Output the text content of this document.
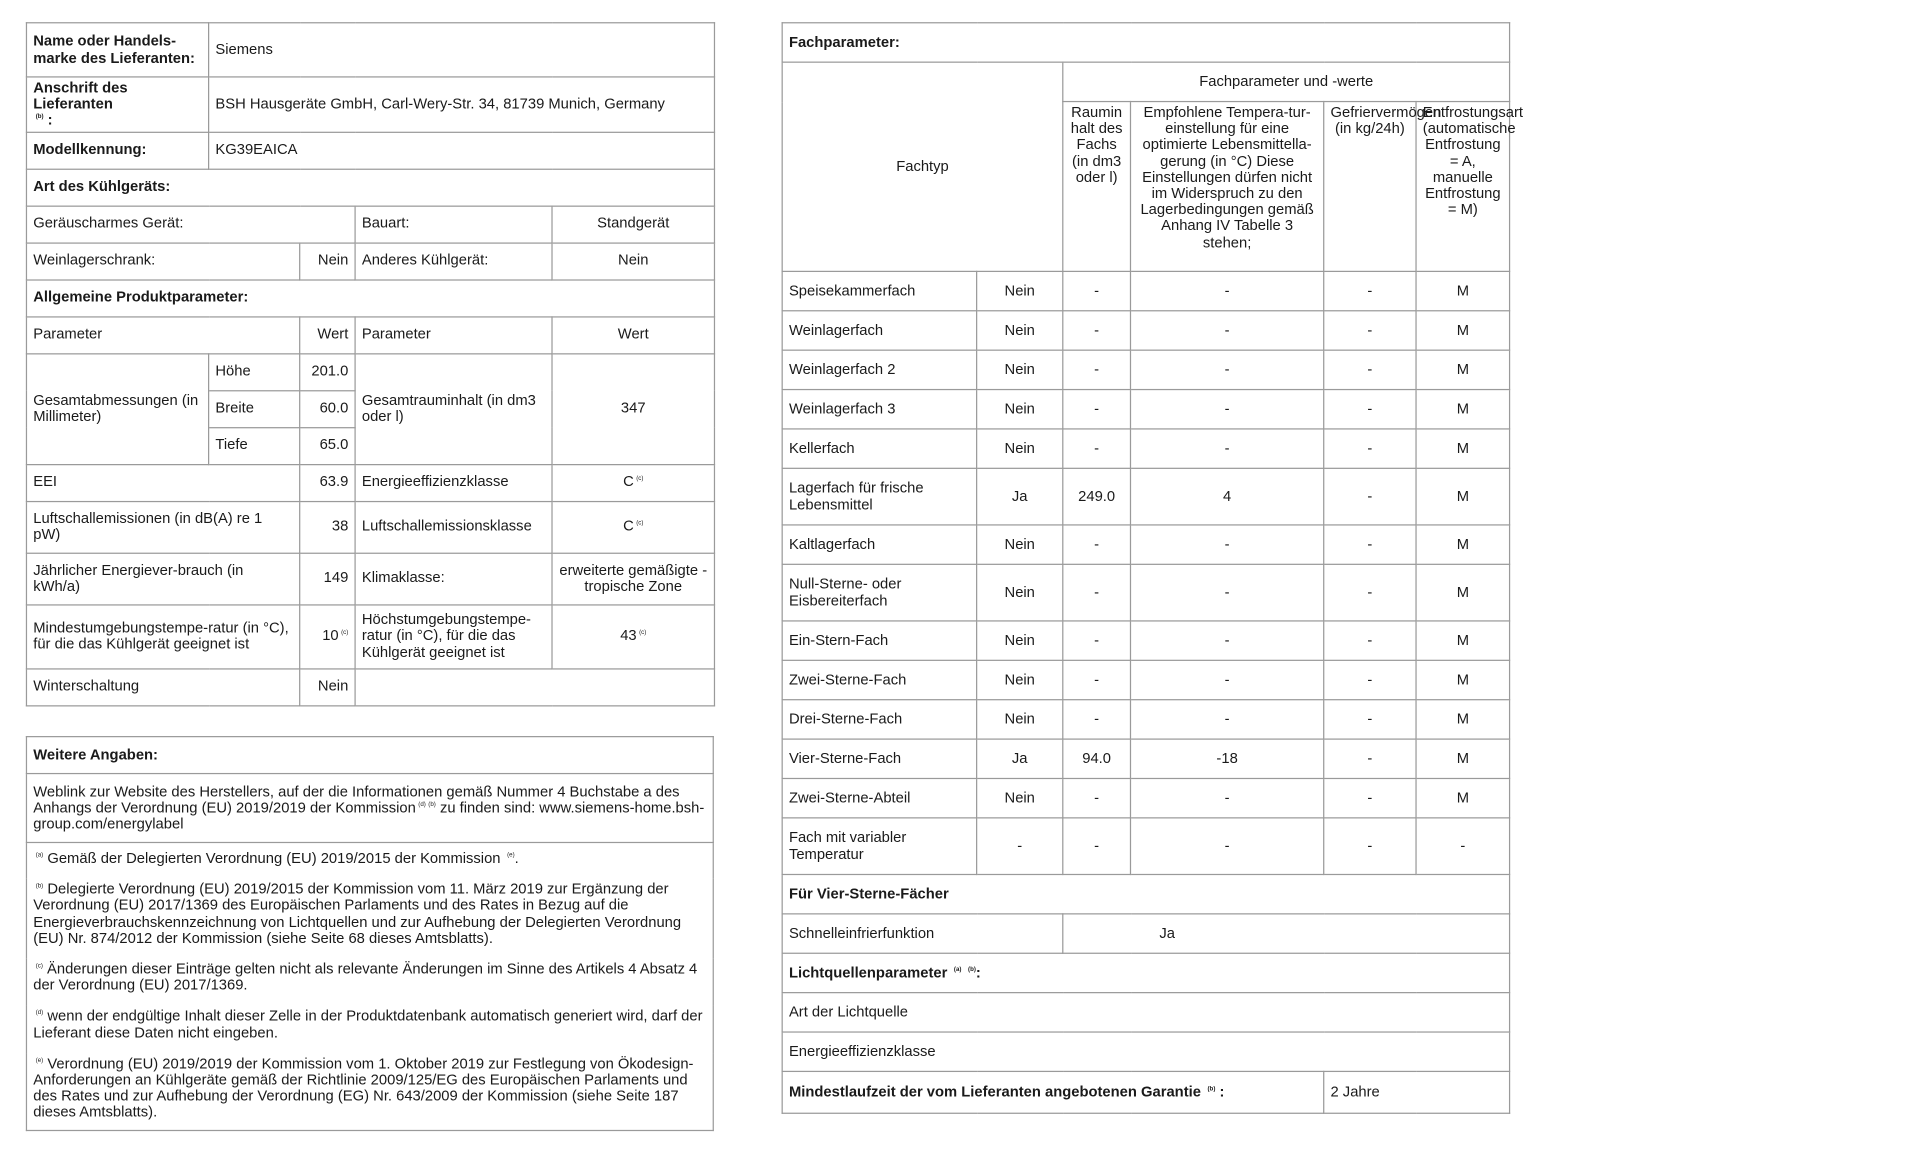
Name oder Handels-marke des Lieferanten:	Siemens			
Anschrift des Lieferanten
$^{(b)}$ :	BSH Hausgeräte GmbH, Carl-Wery-Str. 34, 81739 Munich, Germany			
Modellkennung:	KG39EAICA			
Art des Kühlgeräts:				
Geräuscharmes Gerät:			Bauart:	Standgerät
Weinlagerschrank:		Nein	Anderes Kühlgerät:	Nein
Allgemeine Produktparameter:				
Parameter		Wert	Parameter	Wert
Gesamtabmessungen (in Millimeter)	Höhe	201.0	Gesamtrauminhalt (in dm3 oder l)	347
	Breite	60.0		
	Tiefe	65.0		
EEI		63.9	Energieeffizienzklasse	C $^{(c)}$
Luftschallemissionen (in dB(A) re 1 pW)		38	Luftschallemissionsklasse	C $^{(c)}$
Jährlicher Energiever-brauch (in kWh/a)		149	Klimaklasse:	erweiterte gemäßigte - tropische Zone
Mindestumgebungstempe-ratur (in °C), für die das Kühlgerät geeignet ist		10 $^{(c)}$	Höchstumgebungstempe-ratur (in °C), für die das Kühlgerät geeignet ist	43 $^{(c)}$
Winterschaltung		Nein		
Weitere Angaben:
Weblink zur Website des Herstellers, auf der die Informationen gemäß Nummer 4 Buchstabe a des Anhangs der Verordnung (EU) 2019/2019 der Kommission $^{(d)}$ $^{(b)}$ zu finden sind: www.siemens-home.bsh-group.com/energylabel
$^{(a)}$ Gemäß der Delegierten Verordnung (EU) 2019/2015 der Kommission $^{(e)}$.
$^{(b)}$ Delegierte Verordnung (EU) 2019/2015 der Kommission vom 11. März 2019 zur Ergänzung der Verordnung (EU) 2017/1369 des Europäischen Parlaments und des Rates in Bezug auf die Energieverbrauchskennzeichnung von Lichtquellen und zur Aufhebung der Delegierten Verordnung (EU) Nr. 874/2012 der Kommission (siehe Seite 68 dieses Amtsblatts).
$^{(c)}$ Änderungen dieser Einträge gelten nicht als relevante Änderungen im Sinne des Artikels 4 Absatz 4 der Verordnung (EU) 2017/1369.
$^{(d)}$ wenn der endgültige Inhalt dieser Zelle in der Produktdatenbank automatisch generiert wird, darf der Lieferant diese Daten nicht eingeben.
$^{(e)}$ Verordnung (EU) 2019/2019 der Kommission vom 1. Oktober 2019 zur Festlegung von Ökodesign-Anforderungen an Kühlgeräte gemäß der Richtlinie 2009/125/EG des Europäischen Parlaments und des Rates und zur Aufhebung der Verordnung (EG) Nr. 643/2009 der Kommission (siehe Seite 187 dieses Amtsblatts).
Fachparameter:					
Fachtyp		Fachparameter und -werte			
		Raumin halt des Fachs (in dm3 oder l)	Empfohlene Tempera-tur-einstellung für eine optimierte Lebensmittella-gerung (in °C) Diese Einstellungen dürfen nicht im Widerspruch zu den Lagerbedingungen gemäß Anhang IV Tabelle 3 stehen;	Gefriervermögen (in kg/24h)	Entfrostungsart (automatische Entfrostung = A, manuelle Entfrostung = M)
Speisekammerfach	Nein	-	-	-	M
Weinlagerfach	Nein	-	-	-	M
Weinlagerfach 2	Nein	-	-	-	M
Weinlagerfach 3	Nein	-	-	-	M
Kellerfach	Nein	-	-	-	M
Lagerfach für frische Lebensmittel	Ja	249.0	4	-	M
Kaltlagerfach	Nein	-	-	-	M
Null-Sterne- oder Eisbereiterfach	Nein	-	-	-	M
Ein-Stern-Fach	Nein	-	-	-	M
Zwei-Sterne-Fach	Nein	-	-	-	M
Drei-Sterne-Fach	Nein	-	-	-	M
Vier-Sterne-Fach	Ja	94.0	-18	-	M
Zwei-Sterne-Abteil	Nein	-	-	-	M
Fach mit variabler Temperatur	-	-	-	-	-
Für Vier-Sterne-Fächer					
Schnelleinfrierfunktion		Ja			
Lichtquellenparameter $^{(a)}$ $^{(b)}$:					
Art der Lichtquelle					
Energieeffizienzklasse					
Mindestlaufzeit der vom Lieferanten angebotenen Garantie $^{(b)}$ :				2 Jahre	
